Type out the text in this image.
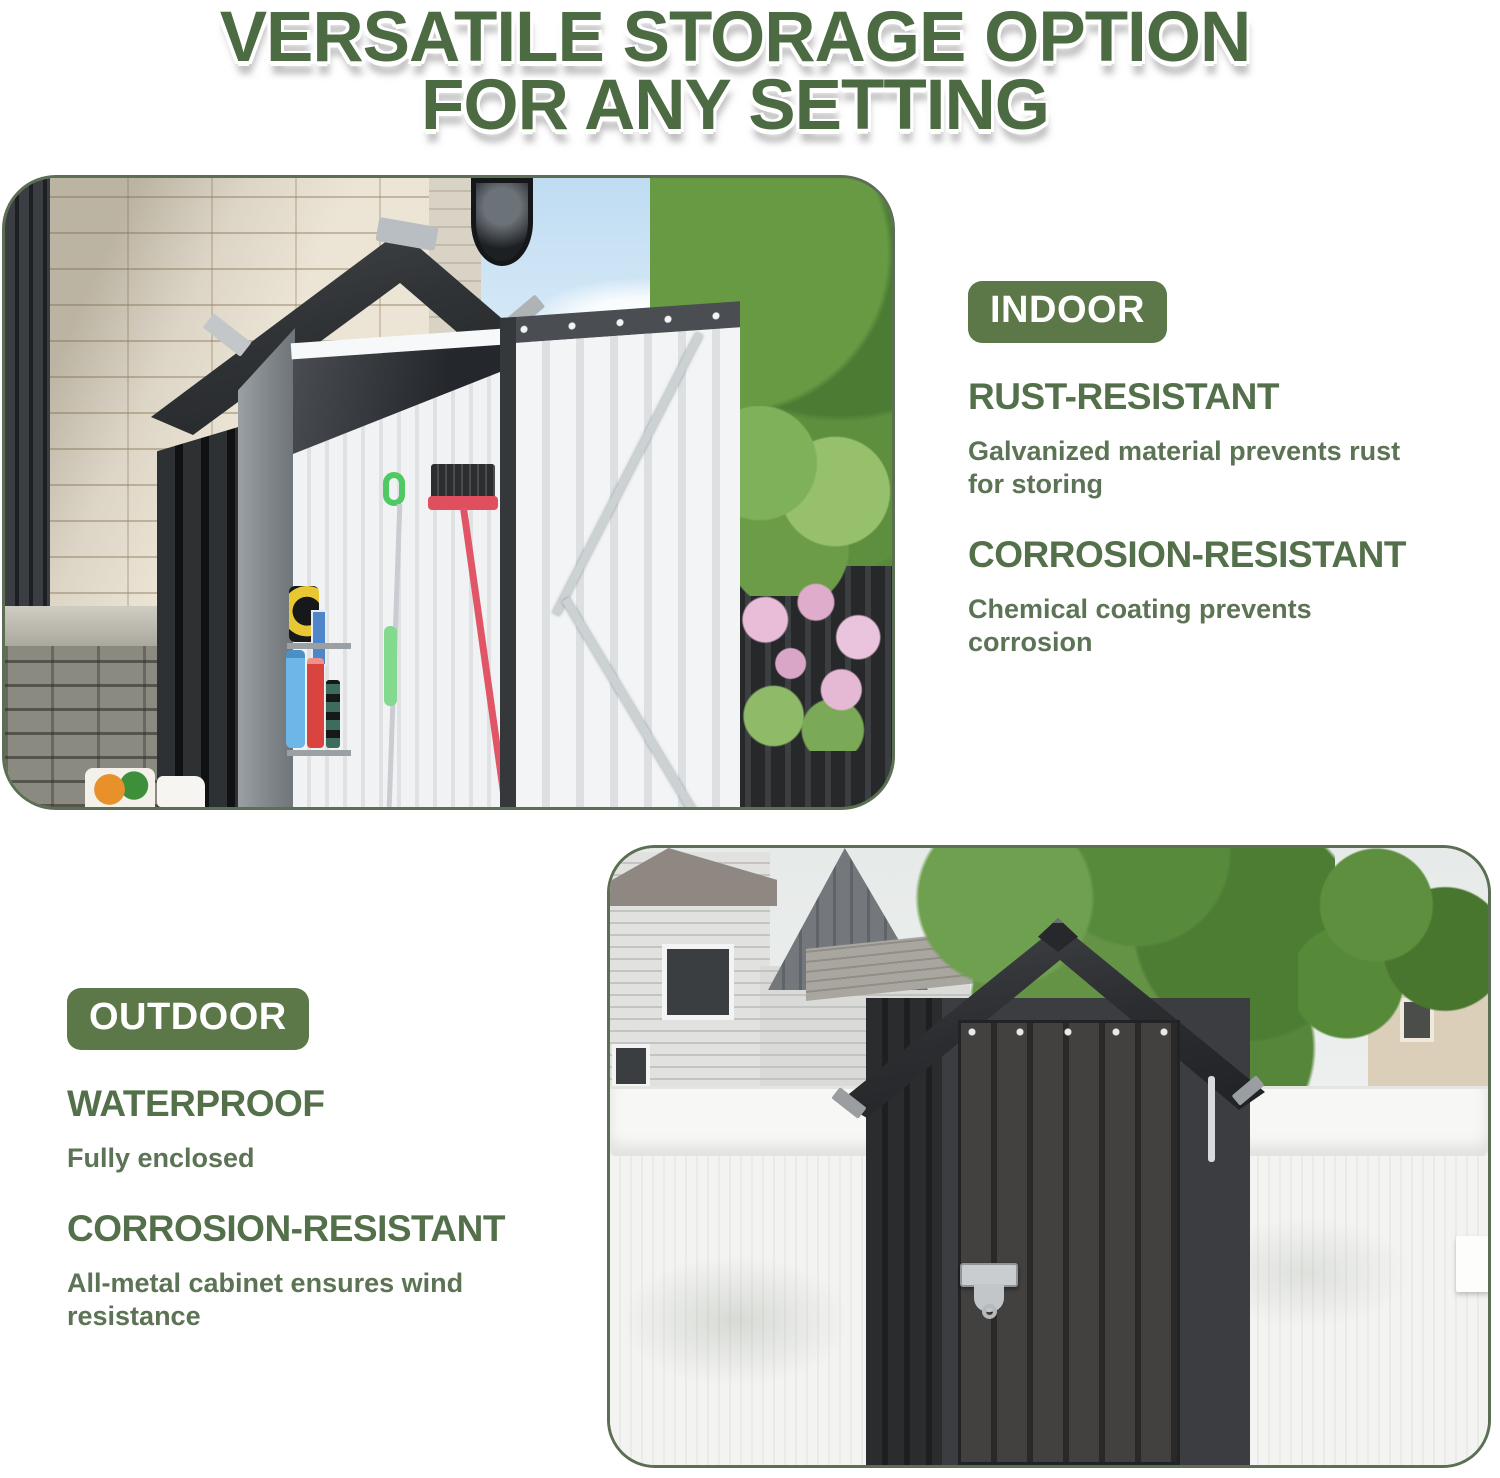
VERSATILE STORAGE OPTION
FOR ANY SETTING
INDOOR
RUST-RESISTANT

Galvanized material prevents rust for storing

CORROSION-RESISTANT

Chemical coating prevents corrosion

OUTDOOR
WATERPROOF

Fully enclosed

CORROSION-RESISTANT

All-metal cabinet ensures wind resistance
